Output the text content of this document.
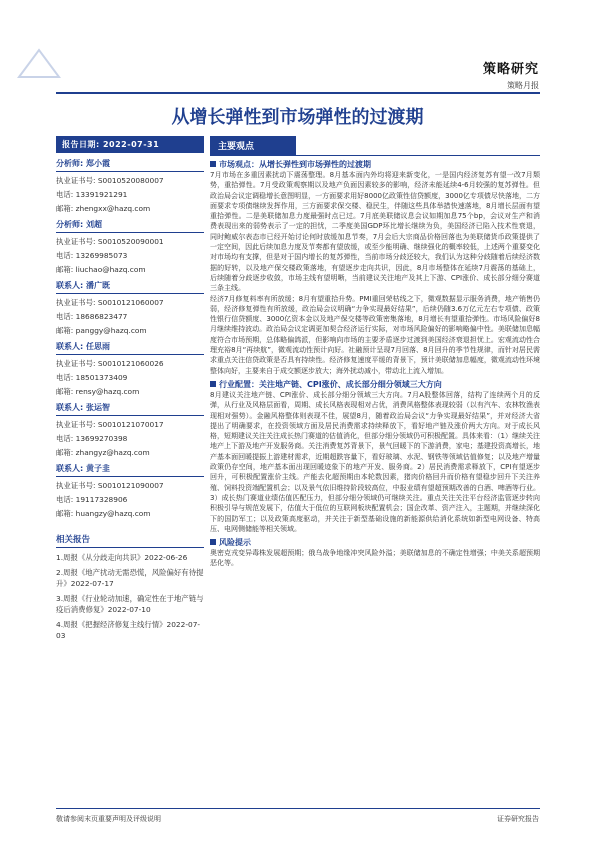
策略研究
策略月报
从增长弹性到市场弹性的过渡期
报告日期: 2022-07-31
分析师: 郑小霞
执业证书号: S0010520080007
电话: 13391921291
邮箱: zhengxx@hazq.com
分析师: 刘超
执业证书号: S0010520090001
电话: 13269985073
邮箱: liuchao@hazq.com
联系人: 潘广既
执业证书号: S0010121060007
电话: 18686823477
邮箱: panggy@hazq.com
联系人: 任思雨
执业证书号: S0010121060026
电话: 18501373409
邮箱: rensy@hazq.com
联系人: 张运智
执业证书号: S0010121070017
电话: 13699270398
邮箱: zhangyz@hazq.com
联系人: 黄子韭
执业证书号: S0010121090007
电话: 19117328906
邮箱: huangzy@hazq.com
相关报告
1.周报《从分歧走向共识》2022-06-26
2.周报《地产扰动无需恐慌，风险偏好有待提升》2022-07-17
3.周报《行业轮动加速，确定性在于地产链与疫后消费修复》2022-07-10
4.周报《把握经济修复主线行情》2022-07-03
主要观点
市场观点：从增长弹性到市场弹性的过渡期

7月市场在多重因素扰动下震荡整理。8月基本面内外均将迎来新变化，一是国内经济复苏有望一改7月颓势，重拾弹性。7月受政策观察期以及地产负面因素较多的影响，经济未能延续4-6月较强的复苏弹性。但政治局会议定调稳增长意图明显，一方面要求用好8000亿政策性信贷额度，3000亿专项债尽快落地，二方面要求专项债继续发挥作用，三方面要求保交楼、稳民生，伴随这些具体举措快速落地，8月增长层面有望重拾弹性。二是美联储加息力度最强时点已过。7月底美联储议息会议如期加息75个bp，会议对生产和消费表现出来的弱势表示了一定的担忧，二季度美国GDP环比增长继续为负，美国经济已陷入技术性衰退，同时鲍威尔表态市已经开始讨论何时放缓加息节奏，7月会后大宗商品价格回落也为美联储货币政策提供了一定空间，因此后续加息力度及节奏都有望放缓，或至少能明确、继续强化的概率较低，上述两个重要变化对市场均有支撑，但是对于国内增长的复苏弹性，当前市场分歧还较大，我们认为这种分歧随着后续经济数据的好转，以及地产保交楼政策落地，有望逐步走向共识，因此，8月市场整体在延续7月震荡的基础上，后续随着分歧逐步收敛，市场主线有望明晰，当前建议关注地产及其上下游、CPI涨价、成长部分细分赛道三条主线。

经济7月修复料率有所放缓；8月有望重拾升势。PMI重回荣枯线之下，微观数据显示服务消费，地产销售仍弱，经济修复弹性有所放缓，政治局会议明确“力争实现最好结果”，后续仍随3.6万亿元左右专项债、政策性银行信贷额度、3000亿资本金以及地产保交楼等政策密集落地，8月增长有望重拾弹性。市场风险偏好8月继续维持波动。政治局会议定调更加契合经济运行实际，对市场风险偏好的影响略偏中性。美联储加息幅度符合市场预期，总体略偏鸽派，但影响向市场的主要矛盾逐步过渡到美国经济衰退担忧上。宏观流动性合理充裕8月“再续航”，微观流动性预计向好。社融预计呈现7月回落、8月回升的季节性规律，而针对居民需求重点关注信贷政策是否具有持续性。经济修复速度平缓的背景下，预计美联储加息幅度，微观流动性环境整体向好，主要来自于成交额逐步放大；海外扰动减小，带动北上流入增加。

行业配置：关注地产链、CPI涨价、成长部分细分领域三大方向

8月建议关注地产链、CPI涨价、成长部分细分领域三大方向。7月A股整体回落，结构了连续两个月的反弹，从行业及风格层面看，周期、成长风格表现相对占优，消费风格整体表现较弱（以有汽车、农林牧渔表现相对强势）。金融风格整体则表现不佳，展望8月，随着政治局会议“力争实现最好结果”，并对经济大省提出了明确要求，在投资领域方面及居民消费需求持续释放下，看好地产链及涨价两大方向。对于成长风格，短期建议关注关注成长热门赛道的估值消化，但部分细分领域仍可积极配置。具体来看：（1）继续关注地产上下游及地产开发服务商。关注消费复苏背景下，景气回暖下的下游消费，家电；基建投资高增长，地产基本面回暖提振上游建材需求，近期超跌容量下，看好玻璃、水泥、钢铁等领域估值修复；以及地产增量政策仍存空间，地产基本面出现回暖迹象下的地产开发、服务商。2）居民消费需求释放下，CPI有望逐步回升，可积极配置涨价主线。产能去化超预期由本轮数因素，猪肉价格回升而价格有望稳步回升下关注养殖、饲料投资端配置机会；以及景气依旧维持阶段较高位，中报业绩有望超预期改善的白酒、啤酒等行业。3）成长热门赛道业绩估值匹配压力，但部分细分领域仍可继续关注。重点关注关注平台经济监管逐步转向积极引导与规范发展下，估值大于低位的互联网板块配置机会；国企改革、资产注入，主题期，并继续深化下的国防军工；以及政策高度驱动，并关注于新型基础设施的新能源供给消化系统如新型电网设备、特高压、电网侧储能等相关领域。

风险提示

奥密克戎变异毒株发展超预期；俄乌战争地缘冲突风险外溢；美联储加息的不确定性增强；中美关系超预期恶化等。

敬请参阅末页重要声明及评级说明	证券研究报告
